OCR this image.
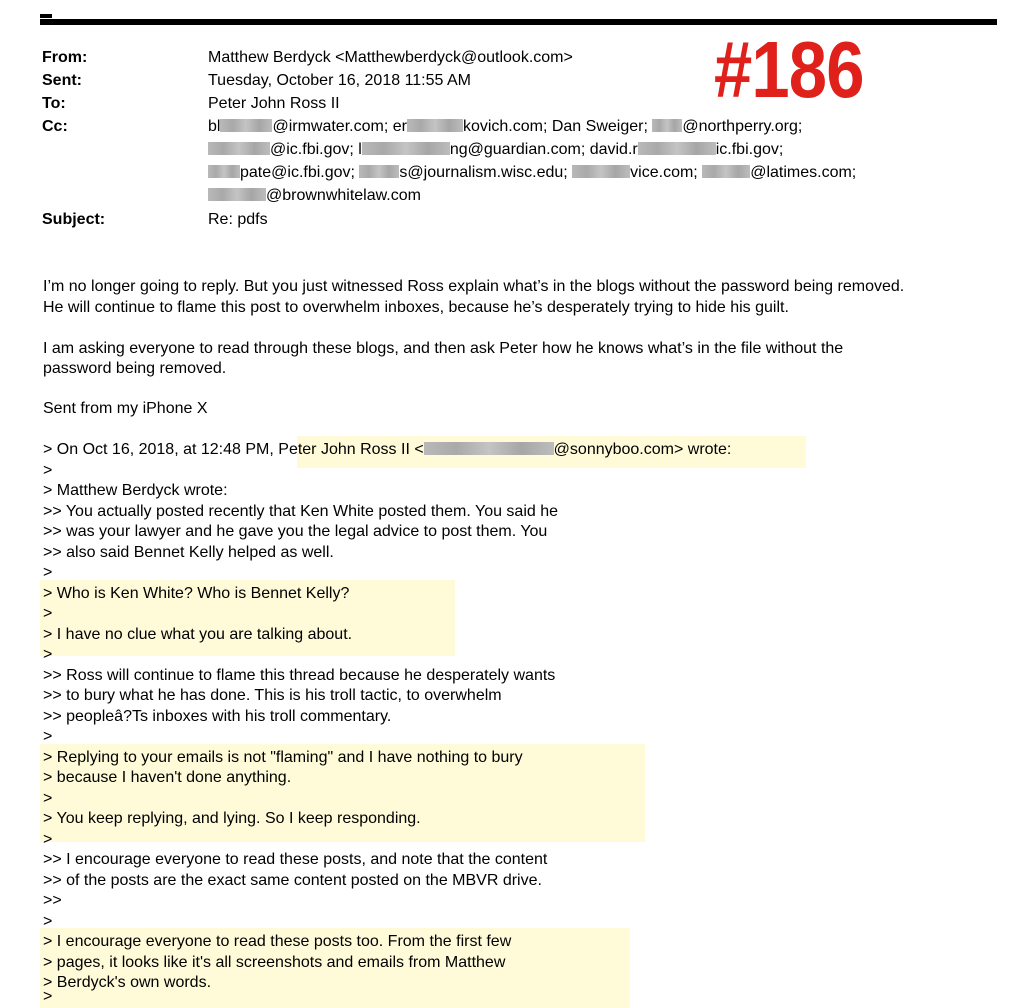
#186
From:	Matthew Berdyck <Matthewberdyck@outlook.com>
Sent:	Tuesday, October 16, 2018 11:55 AM
To:	Peter John Ross II
Cc:	bl	@irmwater.com; er	kovich.com; Dan Sweiger; @northperry.org;
@ic.fbi.gov; l	ng@guardian.com; david.r	ic.fbi.gov;
pate@ic.fbi.gov;	s@journalism.wisc.edu;	vice.com;	@latimes.com;
@brownwhitelaw.com
Subject:	Re: pdfs
I’m no longer going to reply. But you just witnessed Ross explain what’s in the blogs without the password being removed.
He will continue to flame this post to overwhelm inboxes, because he’s desperately trying to hide his guilt.
I am asking everyone to read through these blogs, and then ask Peter how he knows what’s in the file without the
password being removed.
Sent from my iPhone X
> On Oct 16, 2018, at 12:48 PM, Peter John Ross II <	@sonnyboo.com> wrote:
>
> Matthew Berdyck wrote:
>> You actually posted recently that Ken White posted them. You said he
>> was your lawyer and he gave you the legal advice to post them. You
>> also said Bennet Kelly helped as well.
>
> Who is Ken White? Who is Bennet Kelly?
>
> I have no clue what you are talking about.
>
>> Ross will continue to flame this thread because he desperately wants
>> to bury what he has done. This is his troll tactic, to overwhelm
>> peopleâ?Ts inboxes with his troll commentary.
>
> Replying to your emails is not "flaming" and I have nothing to bury
> because I haven't done anything.
>
> You keep replying, and lying. So I keep responding.
>
>> I encourage everyone to read these posts, and note that the content
>> of the posts are the exact same content posted on the MBVR drive.
>>
>
> I encourage everyone to read these posts too. From the first few
> pages, it looks like it's all screenshots and emails from Matthew
> Berdyck's own words.
>
